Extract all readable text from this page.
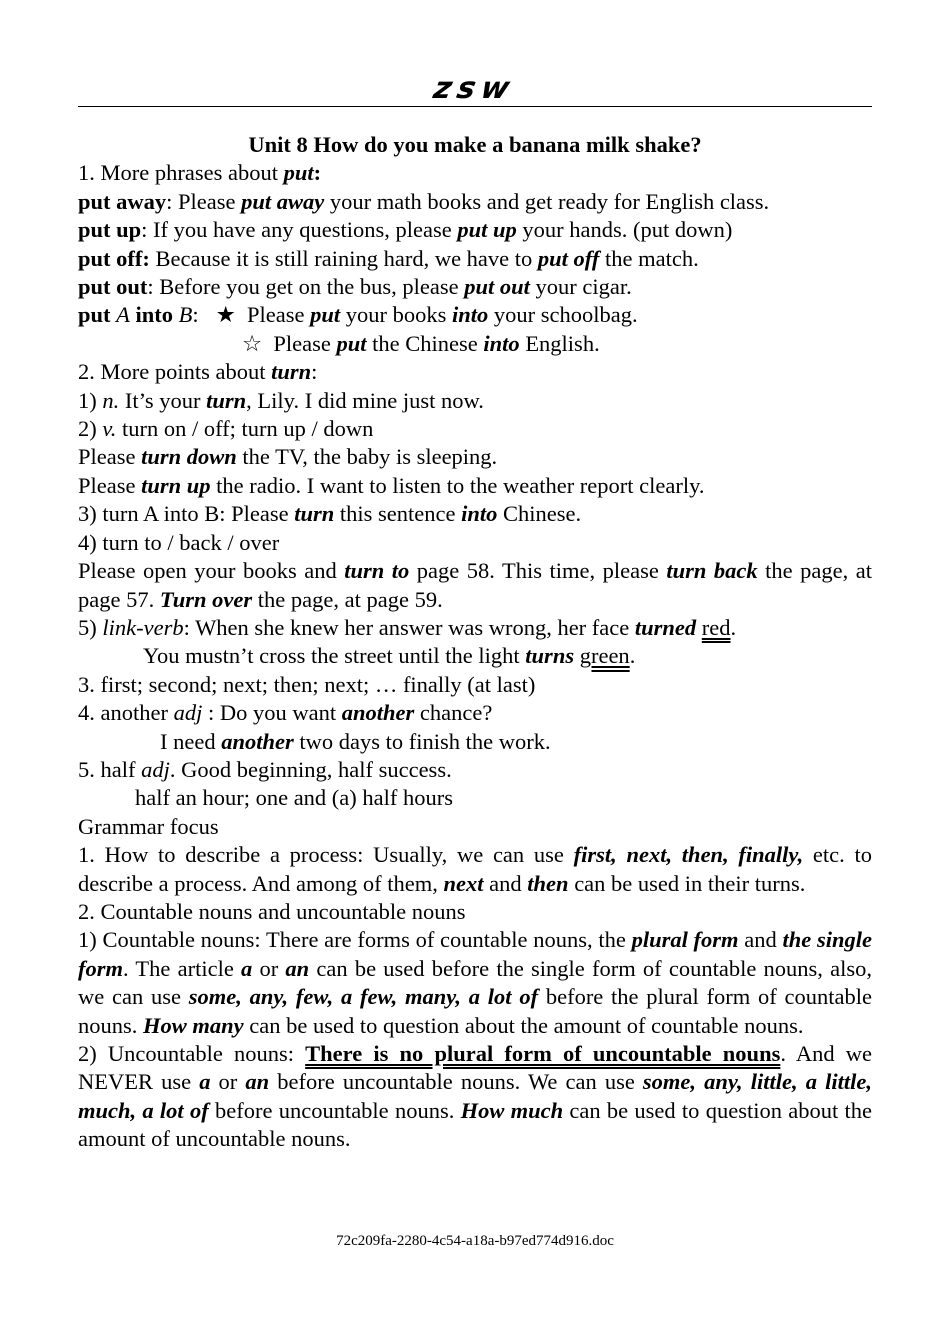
zsw

Unit 8 How do you make a banana milk shake?

1. More phrases about put:

put away: Please put away your math books and get ready for English class.

put up: If you have any questions, please put up your hands. (put down)

put off: Because it is still raining hard, we have to put off the match.

put out: Before you get on the bus, please put out your cigar.

put A into B:   ★  Please put your books into your schoolbag.

☆  Please put the Chinese into English.

2. More points about turn:

1) n. It’s your turn, Lily. I did mine just now.

2) v. turn on / off; turn up / down

Please turn down the TV, the baby is sleeping.

Please turn up the radio. I want to listen to the weather report clearly.

3) turn A into B: Please turn this sentence into Chinese.

4) turn to / back / over

Please open your books and turn to page 58. This time, please turn back the page, at page 57. Turn over the page, at page 59.

5) link-verb: When she knew her answer was wrong, her face turned red.

You mustn’t cross the street until the light turns green.

3. first; second; next; then; next; … finally (at last)

4. another adj : Do you want another chance?

I need another two days to finish the work.

5. half adj. Good beginning, half success.

half an hour; one and (a) half hours

Grammar focus

1. How to describe a process: Usually, we can use first, next, then, finally, etc. to describe a process. And among of them, next and then can be used in their turns.

2. Countable nouns and uncountable nouns

1) Countable nouns: There are forms of countable nouns, the plural form and the single form. The article a or an can be used before the single form of countable nouns, also, we can use some, any, few, a few, many, a lot of before the plural form of countable nouns. How many can be used to question about the amount of countable nouns.

2) Uncountable nouns: There is no plural form of uncountable nouns. And we NEVER use a or an before uncountable nouns. We can use some, any, little, a little, much, a lot of before uncountable nouns. How much can be used to question about the amount of uncountable nouns.

72c209fa-2280-4c54-a18a-b97ed774d916.doc
